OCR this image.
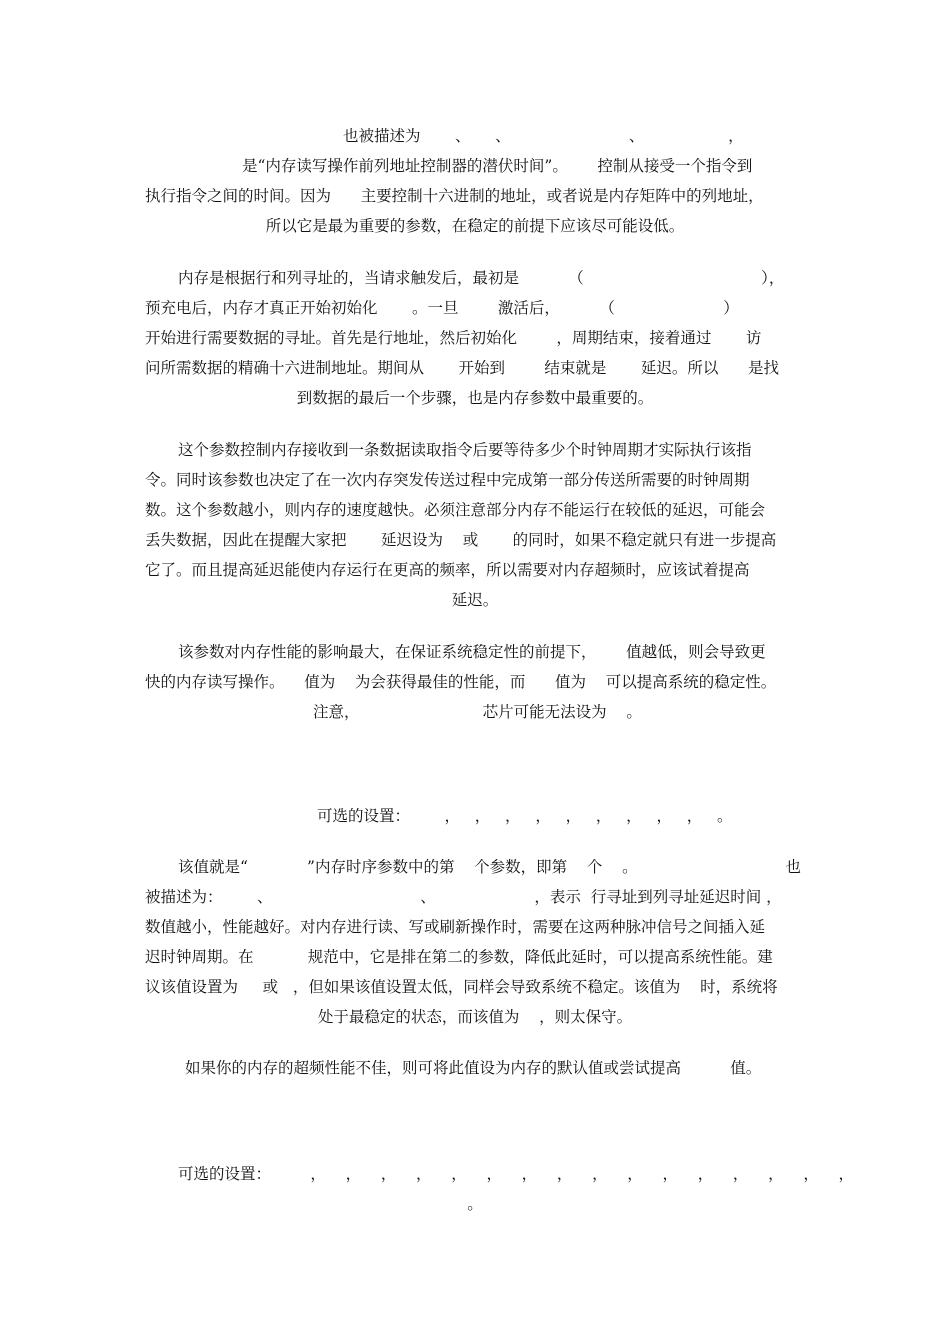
也被描述为       、     、                        、                 ，
是“内存读写操作前列地址控制器的潜伏时间”。      控制从接受一个指令到
执行指令之间的时间。因为      主要控制十六进制的地址，或者说是内存矩阵中的列地址，
所以它是最为重要的参数，在稳定的前提下应该尽可能设低。
内存是根据行和列寻址的，当请求触发后，最初是          （                                    ），
预充电后，内存才真正开始初始化       。一旦        激活后，        （                      ）
开始进行需要数据的寻址。首先是行地址，然后初始化        ，周期结束，接着通过       访
问所需数据的精确十六进制地址。期间从       开始到        结束就是       延迟。所以      是找
到数据的最后一个步骤，也是内存参数中最重要的。
这个参数控制内存接收到一条数据读取指令后要等待多少个时钟周期才实际执行该指
令。同时该参数也决定了在一次内存突发传送过程中完成第一部分传送所需要的时钟周期
数。这个参数越小，则内存的速度越快。必须注意部分内存不能运行在较低的延迟，可能会
丢失数据，因此在提醒大家把       延迟设为    或       的同时，如果不稳定就只有进一步提高
它了。而且提高延迟能使内存运行在更高的频率，所以需要对内存超频时，应该试着提高
延迟。
该参数对内存性能的影响最大，在保证系统稳定性的前提下，      值越低，则会导致更
快的内存读写操作。    值为    为会获得最佳的性能，而      值为    可以提高系统的稳定性。
注意，                         芯片可能无法设为    。
可选的设置：       ，   ，   ，   ，   ，   ，   ，   ，   ，   。
该值就是“            ”内存时序参数中的第    个参数，即第    个    。                              也
被描述为：       、                              、                    ，表示  行寻址到列寻址延迟时间 ，
数值越小，性能越好。对内存进行读、写或刷新操作时，需要在这两种脉冲信号之间插入延
迟时钟周期。在           规范中，它是排在第二的参数，降低此延时，可以提高系统性能。建
议该值设置为     或   ，但如果该值设置太低，同样会导致系统不稳定。该值为    时，系统将
处于最稳定的状态，而该值为    ，则太保守。
如果你的内存的超频性能不佳，则可将此值设为内存的默认值或尝试提高          值。
可选的设置：        ，    ，    ，    ，    ，    ，    ，    ，    ，    ，    ，    ，    ，    ，    ，    ，
。
